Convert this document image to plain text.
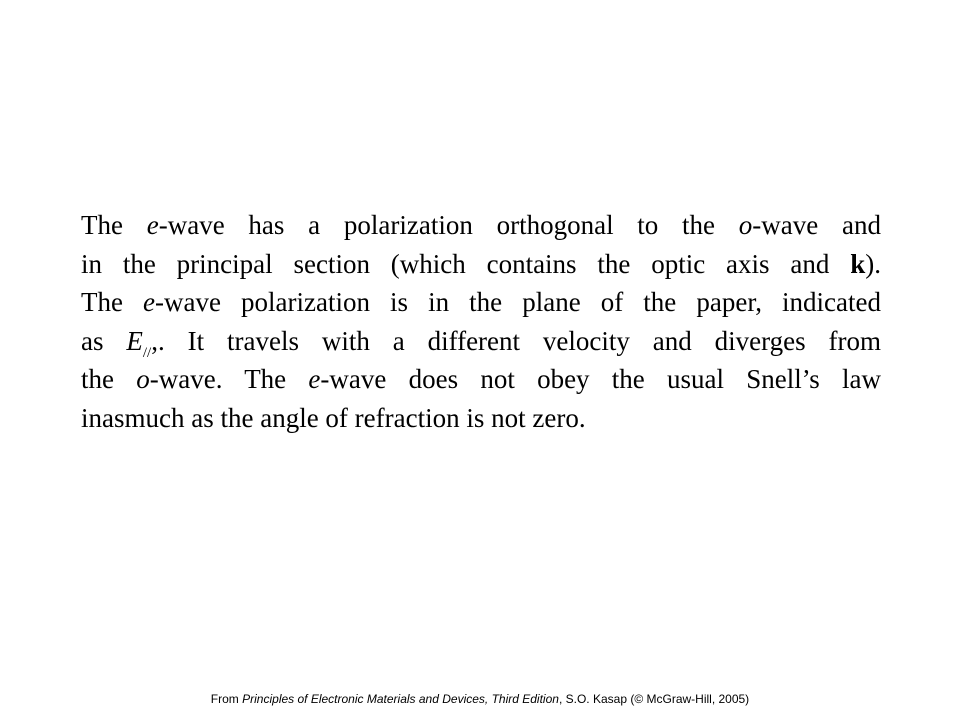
The e-wave has a polarization orthogonal to the o-wave and
in the principal section (which contains the optic axis and k).
The e-wave polarization is in the plane of the paper, indicated
as $E_{//}$,. It travels with a different velocity and diverges from
the o-wave. The e-wave does not obey the usual Snell’s law
inasmuch as the angle of refraction is not zero.

From Principles of Electronic Materials and Devices, Third Edition, S.O. Kasap (© McGraw-Hill, 2005)
